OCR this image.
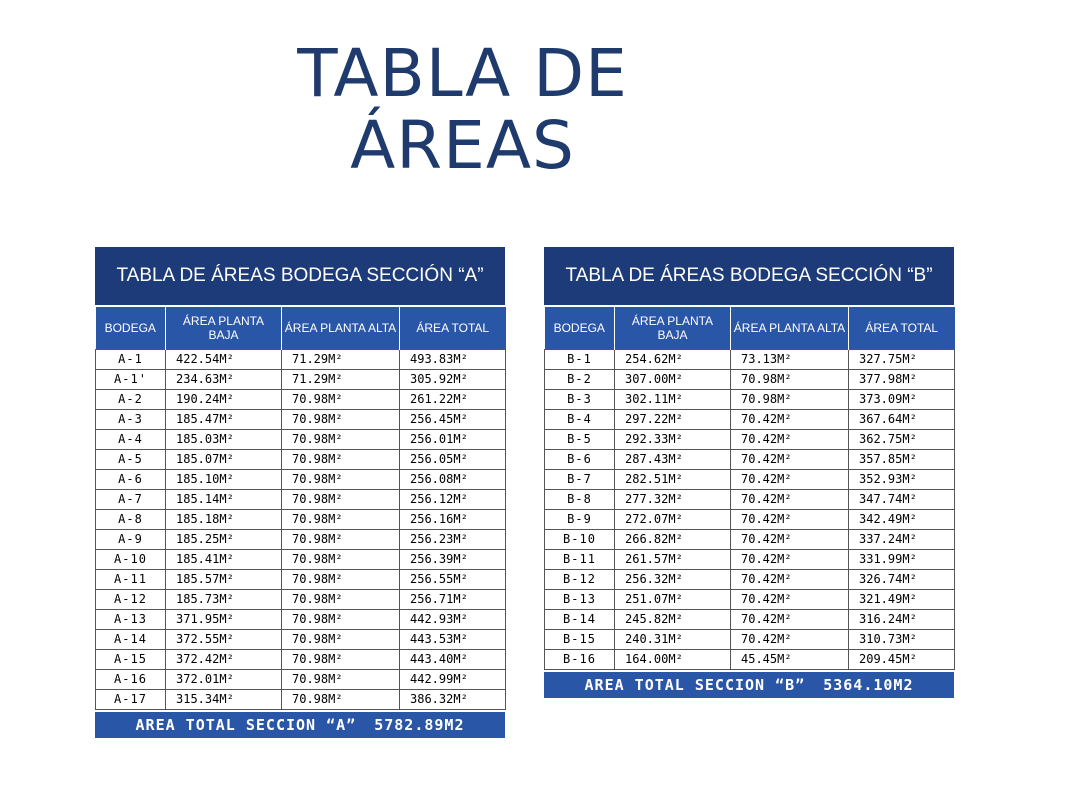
TABLA DE
ÁREAS
TABLA DE ÁREAS BODEGA SECCIÓN “A”
BODEGA	ÁREA PLANTA BAJA	ÁREA PLANTA ALTA	ÁREA TOTAL
A-1	422.54M²	71.29M²	493.83M²
A-1'	234.63M²	71.29M²	305.92M²
A-2	190.24M²	70.98M²	261.22M²
A-3	185.47M²	70.98M²	256.45M²
A-4	185.03M²	70.98M²	256.01M²
A-5	185.07M²	70.98M²	256.05M²
A-6	185.10M²	70.98M²	256.08M²
A-7	185.14M²	70.98M²	256.12M²
A-8	185.18M²	70.98M²	256.16M²
A-9	185.25M²	70.98M²	256.23M²
A-10	185.41M²	70.98M²	256.39M²
A-11	185.57M²	70.98M²	256.55M²
A-12	185.73M²	70.98M²	256.71M²
A-13	371.95M²	70.98M²	442.93M²
A-14	372.55M²	70.98M²	443.53M²
A-15	372.42M²	70.98M²	443.40M²
A-16	372.01M²	70.98M²	442.99M²
A-17	315.34M²	70.98M²	386.32M²
AREA TOTAL SECCION “A” 5782.89M2
TABLA DE ÁREAS BODEGA SECCIÓN “B”
BODEGA	ÁREA PLANTA BAJA	ÁREA PLANTA ALTA	ÁREA TOTAL
B-1	254.62M²	73.13M²	327.75M²
B-2	307.00M²	70.98M²	377.98M²
B-3	302.11M²	70.98M²	373.09M²
B-4	297.22M²	70.42M²	367.64M²
B-5	292.33M²	70.42M²	362.75M²
B-6	287.43M²	70.42M²	357.85M²
B-7	282.51M²	70.42M²	352.93M²
B-8	277.32M²	70.42M²	347.74M²
B-9	272.07M²	70.42M²	342.49M²
B-10	266.82M²	70.42M²	337.24M²
B-11	261.57M²	70.42M²	331.99M²
B-12	256.32M²	70.42M²	326.74M²
B-13	251.07M²	70.42M²	321.49M²
B-14	245.82M²	70.42M²	316.24M²
B-15	240.31M²	70.42M²	310.73M²
B-16	164.00M²	45.45M²	209.45M²
AREA TOTAL SECCION “B” 5364.10M2
